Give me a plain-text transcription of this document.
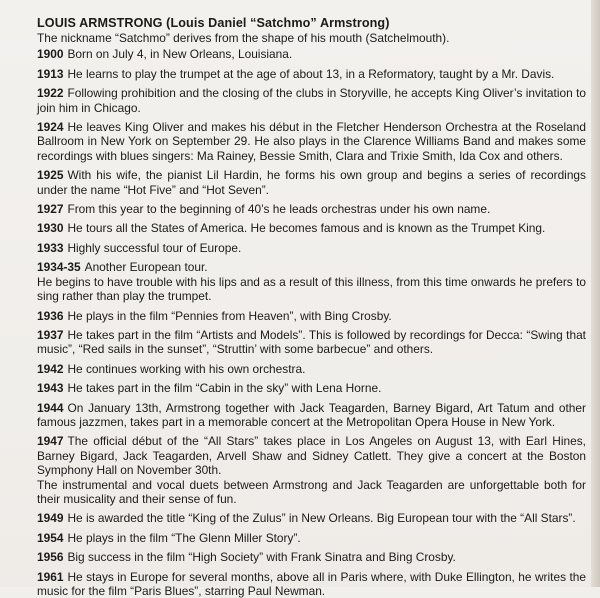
LOUIS ARMSTRONG (Louis Daniel “Satchmo” Armstrong)

The nickname “Satchmo” derives from the shape of his mouth (Satchelmouth).

1900 Born on July 4, in New Orleans, Louisiana.

1913 He learns to play the trumpet at the age of about 13, in a Reformatory, taught by a Mr. Davis.

1922 Following prohibition and the closing of the clubs in Storyville, he accepts King Oliver’s invitation to join him in Chicago.

1924 He leaves King Oliver and makes his début in the Fletcher Henderson Orchestra at the Roseland Ballroom in New York on September 29. He also plays in the Clarence Williams Band and makes some recordings with blues singers: Ma Rainey, Bessie Smith, Clara and Trixie Smith, Ida Cox and others.

1925 With his wife, the pianist Lil Hardin, he forms his own group and begins a series of recordings under the name “Hot Five” and “Hot Seven”.

1927 From this year to the beginning of 40’s he leads orchestras under his own name.

1930 He tours all the States of America. He becomes famous and is known as the Trumpet King.

1933 Highly successful tour of Europe.

1934-35 Another European tour.
He begins to have trouble with his lips and as a result of this illness, from this time onwards he prefers to sing rather than play the trumpet.

1936 He plays in the film “Pennies from Heaven”, with Bing Crosby.

1937 He takes part in the film “Artists and Models”. This is followed by recordings for Decca: “Swing that music”, “Red sails in the sunset”, “Struttin’ with some barbecue” and others.

1942 He continues working with his own orchestra.

1943 He takes part in the film “Cabin in the sky” with Lena Horne.

1944 On January 13th, Armstrong together with Jack Teagarden, Barney Bigard, Art Tatum and other famous jazzmen, takes part in a memorable concert at the Metropolitan Opera House in New York.

1947 The official début of the “All Stars” takes place in Los Angeles on August 13, with Earl Hines, Barney Bigard, Jack Teagarden, Arvell Shaw and Sidney Catlett. They give a concert at the Boston Symphony Hall on November 30th.
The instrumental and vocal duets between Armstrong and Jack Teagarden are unforgettable both for their musicality and their sense of fun.

1949 He is awarded the title “King of the Zulus” in New Orleans. Big European tour with the “All Stars”.

1954 He plays in the film “The Glenn Miller Story”.

1956 Big success in the film “High Society” with Frank Sinatra and Bing Crosby.

1961 He stays in Europe for several months, above all in Paris where, with Duke Ellington, he writes the music for the film “Paris Blues”, starring Paul Newman.
